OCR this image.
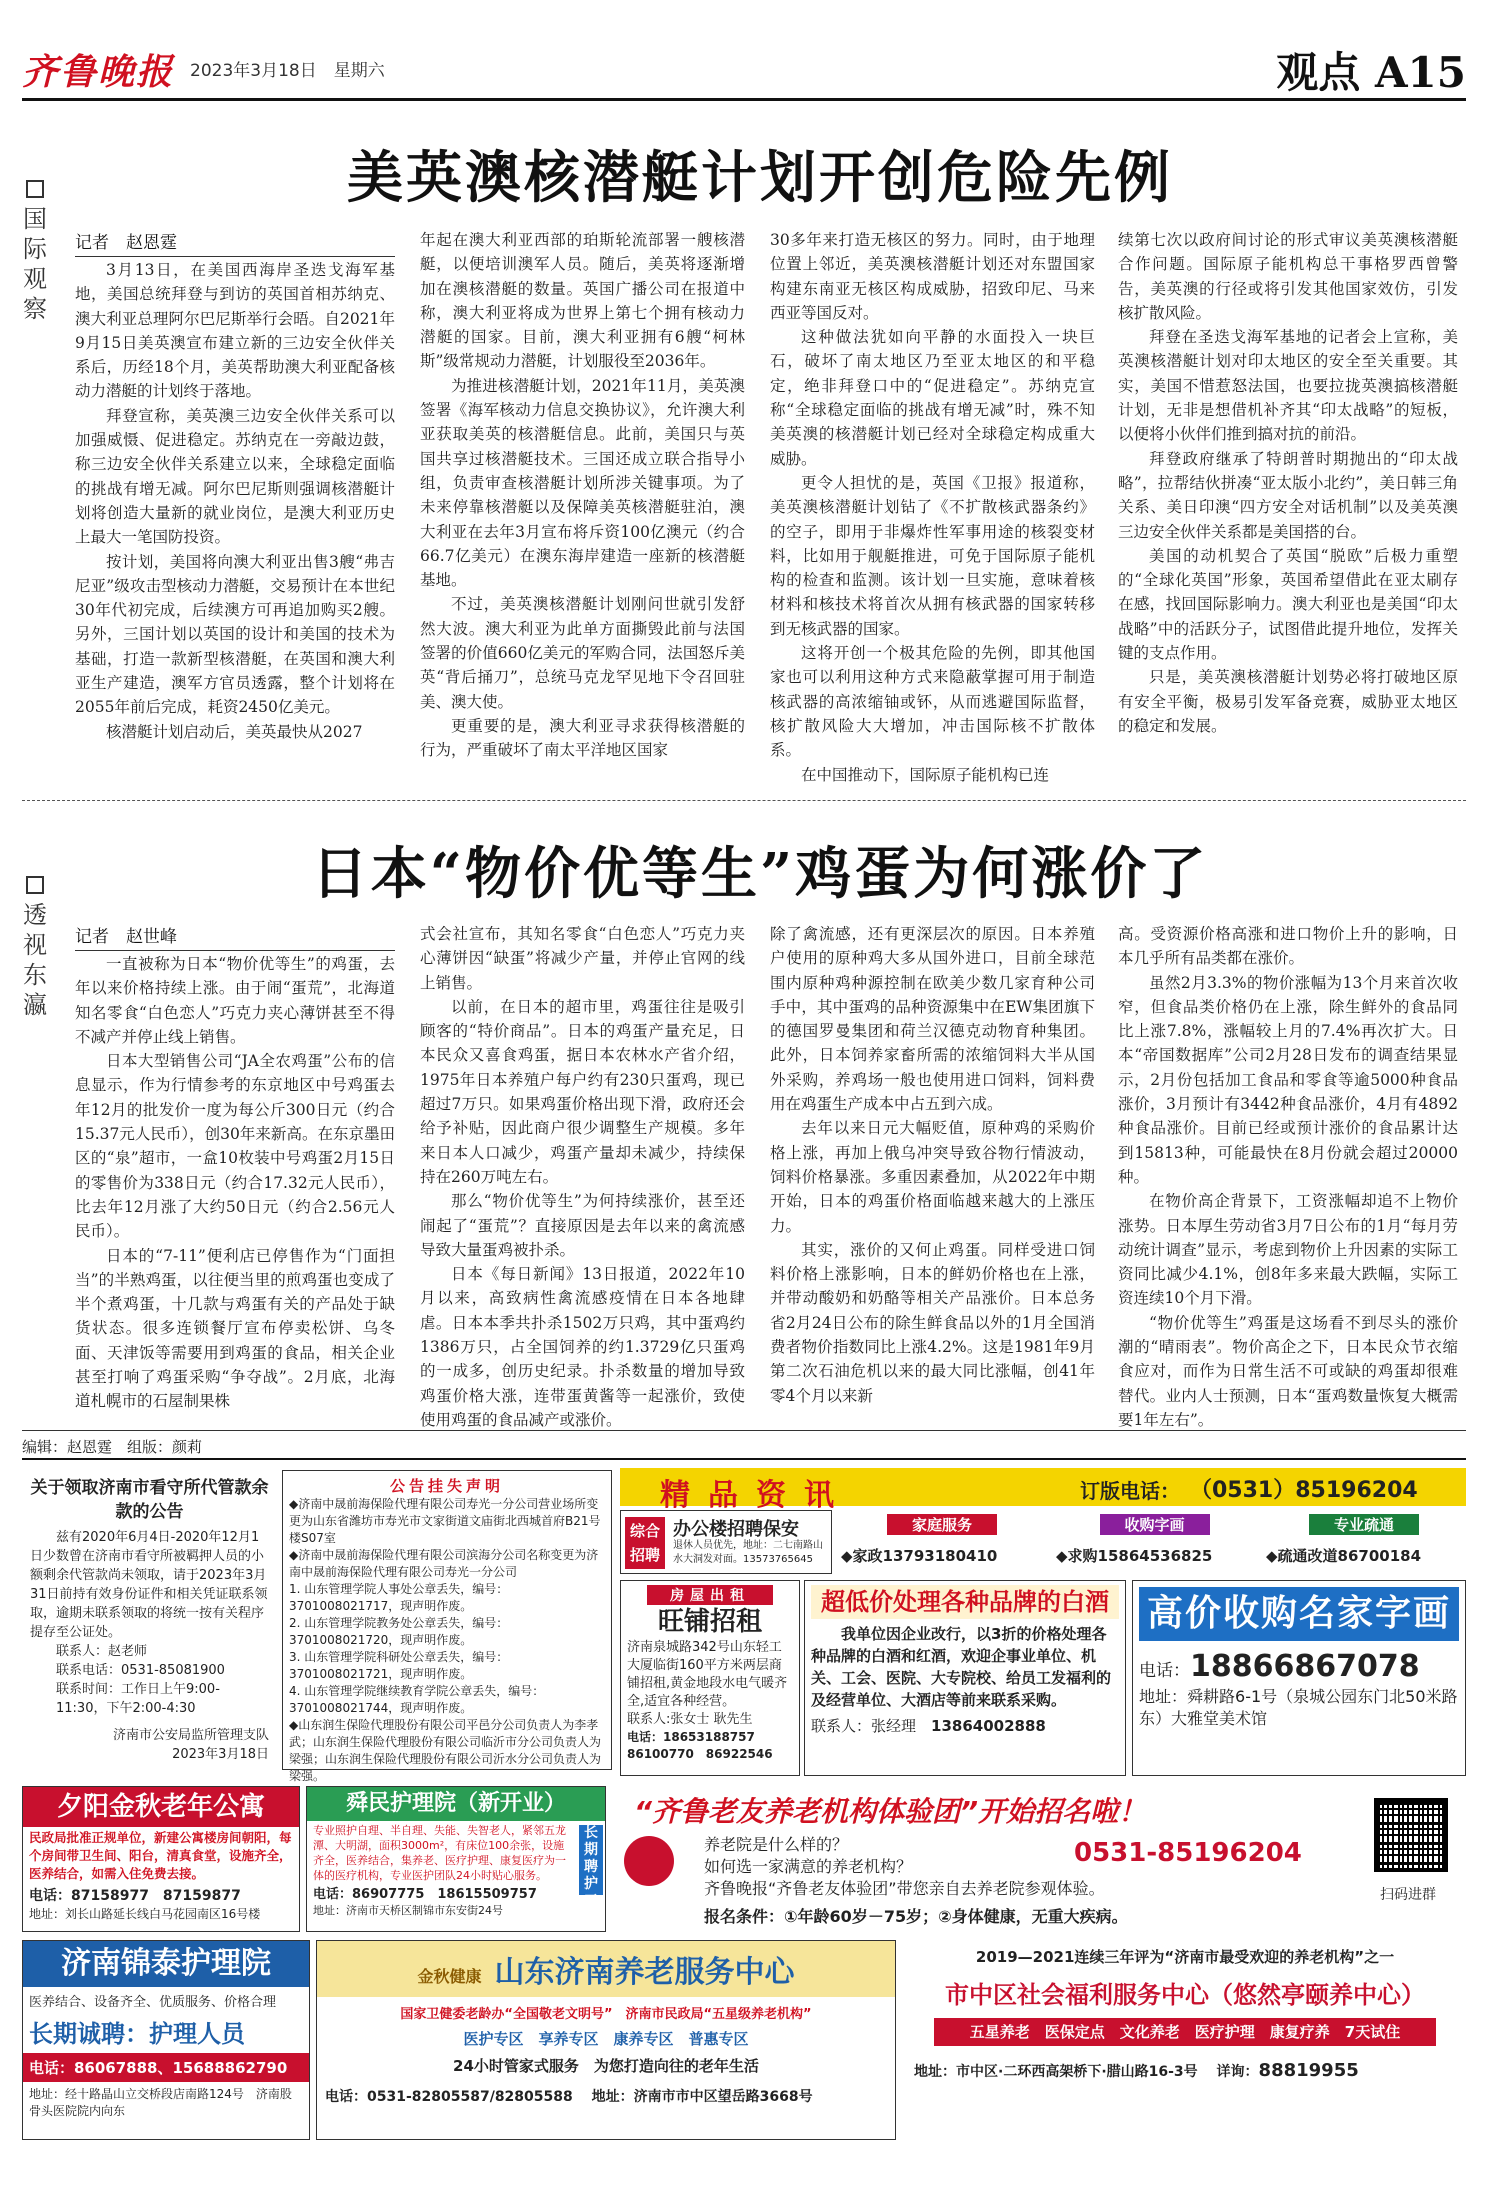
齐鲁晚报 2023年3月18日　星期六	观点 A15
国际观察
美英澳核潜艇计划开创危险先例
记者　赵恩霆

3月13日，在美国西海岸圣迭戈海军基地，美国总统拜登与到访的英国首相苏纳克、澳大利亚总理阿尔巴尼斯举行会晤。自2021年9月15日美英澳宣布建立新的三边安全伙伴关系后，历经18个月，美英帮助澳大利亚配备核动力潜艇的计划终于落地。

拜登宣称，美英澳三边安全伙伴关系可以加强威慑、促进稳定。苏纳克在一旁敲边鼓，称三边安全伙伴关系建立以来，全球稳定面临的挑战有增无减。阿尔巴尼斯则强调核潜艇计划将创造大量新的就业岗位，是澳大利亚历史上最大一笔国防投资。

按计划，美国将向澳大利亚出售3艘“弗吉尼亚”级攻击型核动力潜艇，交易预计在本世纪30年代初完成，后续澳方可再追加购买2艘。另外，三国计划以英国的设计和美国的技术为基础，打造一款新型核潜艇，在英国和澳大利亚生产建造，澳军方官员透露，整个计划将在2055年前后完成，耗资2450亿美元。

核潜艇计划启动后，美英最快从2027

年起在澳大利亚西部的珀斯轮流部署一艘核潜艇，以便培训澳军人员。随后，美英将逐渐增加在澳核潜艇的数量。英国广播公司在报道中称，澳大利亚将成为世界上第七个拥有核动力潜艇的国家。目前，澳大利亚拥有6艘“柯林斯”级常规动力潜艇，计划服役至2036年。

为推进核潜艇计划，2021年11月，美英澳签署《海军核动力信息交换协议》，允许澳大利亚获取美英的核潜艇信息。此前，美国只与英国共享过核潜艇技术。三国还成立联合指导小组，负责审查核潜艇计划所涉关键事项。为了未来停靠核潜艇以及保障美英核潜艇驻泊，澳大利亚在去年3月宣布将斥资100亿澳元（约合66.7亿美元）在澳东海岸建造一座新的核潜艇基地。

不过，美英澳核潜艇计划刚问世就引发舒然大波。澳大利亚为此单方面撕毁此前与法国签署的价值660亿美元的军购合同，法国怒斥美英“背后捅刀”，总统马克龙罕见地下令召回驻美、澳大使。

更重要的是，澳大利亚寻求获得核潜艇的行为，严重破坏了南太平洋地区国家

30多年来打造无核区的努力。同时，由于地理位置上邻近，美英澳核潜艇计划还对东盟国家构建东南亚无核区构成威胁，招致印尼、马来西亚等国反对。

这种做法犹如向平静的水面投入一块巨石，破坏了南太地区乃至亚太地区的和平稳定，绝非拜登口中的“促进稳定”。苏纳克宣称“全球稳定面临的挑战有增无减”时，殊不知美英澳的核潜艇计划已经对全球稳定构成重大威胁。

更令人担忧的是，英国《卫报》报道称，美英澳核潜艇计划钻了《不扩散核武器条约》的空子，即用于非爆炸性军事用途的核裂变材料，比如用于舰艇推进，可免于国际原子能机构的检查和监测。该计划一旦实施，意味着核材料和核技术将首次从拥有核武器的国家转移到无核武器的国家。

这将开创一个极其危险的先例，即其他国家也可以利用这种方式来隐蔽掌握可用于制造核武器的高浓缩铀或钚，从而逃避国际监督，核扩散风险大大增加，冲击国际核不扩散体系。

在中国推动下，国际原子能机构已连

续第七次以政府间讨论的形式审议美英澳核潜艇合作问题。国际原子能机构总干事格罗西曾警告，美英澳的行径或将引发其他国家效仿，引发核扩散风险。

拜登在圣迭戈海军基地的记者会上宣称，美英澳核潜艇计划对印太地区的安全至关重要。其实，美国不惜惹怒法国，也要拉拢英澳搞核潜艇计划，无非是想借机补齐其“印太战略”的短板，以便将小伙伴们推到搞对抗的前沿。

拜登政府继承了特朗普时期抛出的“印太战略”，拉帮结伙拼凑“亚太版小北约”，美日韩三角关系、美日印澳“四方安全对话机制”以及美英澳三边安全伙伴关系都是美国搭的台。

美国的动机契合了英国“脱欧”后极力重塑的“全球化英国”形象，英国希望借此在亚太刷存在感，找回国际影响力。澳大利亚也是美国“印太战略”中的活跃分子，试图借此提升地位，发挥关键的支点作用。

只是，美英澳核潜艇计划势必将打破地区原有安全平衡，极易引发军备竞赛，威胁亚太地区的稳定和发展。

透视东瀛
日本“物价优等生”鸡蛋为何涨价了
记者　赵世峰

一直被称为日本“物价优等生”的鸡蛋，去年以来价格持续上涨。由于闹“蛋荒”，北海道知名零食“白色恋人”巧克力夹心薄饼甚至不得不减产并停止线上销售。

日本大型销售公司“JA全农鸡蛋”公布的信息显示，作为行情参考的东京地区中号鸡蛋去年12月的批发价一度为每公斤300日元（约合15.37元人民币），创30年来新高。在东京墨田区的“泉”超市，一盒10枚装中号鸡蛋2月15日的零售价为338日元（约合17.32元人民币），比去年12月涨了大约50日元（约合2.56元人民币）。

日本的“7-11”便利店已停售作为“门面担当”的半熟鸡蛋，以往便当里的煎鸡蛋也变成了半个煮鸡蛋，十几款与鸡蛋有关的产品处于缺货状态。很多连锁餐厅宣布停卖松饼、乌冬面、天津饭等需要用到鸡蛋的食品，相关企业甚至打响了鸡蛋采购“争夺战”。2月底，北海道札幌市的石屋制果株

式会社宣布，其知名零食“白色恋人”巧克力夹心薄饼因“缺蛋”将减少产量，并停止官网的线上销售。

以前，在日本的超市里，鸡蛋往往是吸引顾客的“特价商品”。日本的鸡蛋产量充足，日本民众又喜食鸡蛋，据日本农林水产省介绍，1975年日本养殖户每户约有230只蛋鸡，现已超过7万只。如果鸡蛋价格出现下滑，政府还会给予补贴，因此商户很少调整生产规模。多年来日本人口减少，鸡蛋产量却未减少，持续保持在260万吨左右。

那么“物价优等生”为何持续涨价，甚至还闹起了“蛋荒”？直接原因是去年以来的禽流感导致大量蛋鸡被扑杀。

日本《每日新闻》13日报道，2022年10月以来，高致病性禽流感疫情在日本各地肆虐。日本本季共扑杀1502万只鸡，其中蛋鸡约1386万只，占全国饲养的约1.3729亿只蛋鸡的一成多，创历史纪录。扑杀数量的增加导致鸡蛋价格大涨，连带蛋黄酱等一起涨价，致使使用鸡蛋的食品减产或涨价。

除了禽流感，还有更深层次的原因。日本养殖户使用的原种鸡大多从国外进口，目前全球范围内原种鸡种源控制在欧美少数几家育种公司手中，其中蛋鸡的品种资源集中在EW集团旗下的德国罗曼集团和荷兰汉德克动物育种集团。此外，日本饲养家畜所需的浓缩饲料大半从国外采购，养鸡场一般也使用进口饲料，饲料费用在鸡蛋生产成本中占五到六成。

去年以来日元大幅贬值，原种鸡的采购价格上涨，再加上俄乌冲突导致谷物行情波动，饲料价格暴涨。多重因素叠加，从2022年中期开始，日本的鸡蛋价格面临越来越大的上涨压力。

其实，涨价的又何止鸡蛋。同样受进口饲料价格上涨影响，日本的鲜奶价格也在上涨，并带动酸奶和奶酪等相关产品涨价。日本总务省2月24日公布的除生鲜食品以外的1月全国消费者物价指数同比上涨4.2%。这是1981年9月第二次石油危机以来的最大同比涨幅，创41年零4个月以来新

高。受资源价格高涨和进口物价上升的影响，日本几乎所有品类都在涨价。

虽然2月3.3%的物价涨幅为13个月来首次收窄，但食品类价格仍在上涨，除生鲜外的食品同比上涨7.8%，涨幅较上月的7.4%再次扩大。日本“帝国数据库”公司2月28日发布的调查结果显示，2月份包括加工食品和零食等逾5000种食品涨价，3月预计有3442种食品涨价，4月有4892种食品涨价。目前已经或预计涨价的食品累计达到15813种，可能最快在8月份就会超过20000种。

在物价高企背景下，工资涨幅却追不上物价涨势。日本厚生劳动省3月7日公布的1月“每月劳动统计调查”显示，考虑到物价上升因素的实际工资同比减少4.1%，创8年多来最大跌幅，实际工资连续10个月下滑。

“物价优等生”鸡蛋是这场看不到尽头的涨价潮的“晴雨表”。物价高企之下，日本民众节衣缩食应对，而作为日常生活不可或缺的鸡蛋却很难替代。业内人士预测，日本“蛋鸡数量恢复大概需要1年左右”。

编辑：赵恩霆　组版：颜莉
关于领取济南市看守所代管款余款的公告
兹有2020年6月4日-2020年12月1日少数曾在济南市看守所被羁押人员的小额剩余代管款尚未领取，请于2023年3月31日前持有效身份证件和相关凭证联系领取，逾期未联系领取的将统一按有关程序提存至公证处。
联系人：赵老师
联系电话：0531-85081900
联系时间：工作日上午9:00-11:30，下午2:00-4:30
济南市公安局监所管理支队
2023年3月18日
公告挂失声明
◆济南中晟前海保险代理有限公司寿光一分公司营业场所变更为山东省潍坊市寿光市文家街道文庙街北西城首府B21号楼S07室
◆济南中晟前海保险代理有限公司滨海分公司名称变更为济南中晟前海保险代理有限公司寿光一分公司
1. 山东管理学院人事处公章丢失，编号：3701008021717，现声明作废。
2. 山东管理学院教务处公章丢失，编号：3701008021720，现声明作废。
3. 山东管理学院科研处公章丢失，编号：3701008021721，现声明作废。
4. 山东管理学院继续教育学院公章丢失，编号：3701008021744，现声明作废。
◆山东润生保险代理股份有限公司平邑分公司负责人为李孝武；山东润生保险代理股份有限公司临沂市分公司负责人为梁强；山东润生保险代理股份有限公司沂水分公司负责人为梁强。
精品资讯	订版电话： （0531）85196204
综合招聘
办公楼招聘保安
退休人员优先，地址：二七南路山水大洞发对面。13573765645
家庭服务
◆家政13793180410
收购字画
◆求购15864536825
专业疏通
◆疏通改道86700184
房屋出租
旺铺招租
济南泉城路342号山东轻工大厦临街160平方米两层商铺招租,黄金地段水电气暖齐全,适宜各种经营。
联系人:张女士 耿先生
电话：18653188757　86100770　86922546
超低价处理各种品牌的白酒
我单位因企业改行，以3折的价格处理各种品牌的白酒和红酒，欢迎企事业单位、机关、工会、医院、大专院校、给员工发福利的及经营单位、大酒店等前来联系采购。
联系人：张经理　 13864002888
高价收购名家字画
电话：18866867078
地址：舜耕路6-1号（泉城公园东门北50米路东）大雅堂美术馆
夕阳金秋老年公寓
民政局批准正规单位，新建公寓楼房间朝阳，每个房间带卫生间、阳台，清真食堂，设施齐全，医养结合，如需入住免费去接。
电话：87158977　87159877
地址：刘长山路延长线白马花园南区16号楼
舜民护理院（新开业）
长期聘护工
专业照护自理、半自理、失能、失智老人，紧邻五龙潭、大明湖，面积3000m²，有床位100余张，设施齐全，医养结合，集养老、医疗护理、康复医疗为一体的医疗机构，专业医护团队24小时贴心服务。
电话：86907775　18615509757
地址：济南市天桥区制锦市东安街24号
“齐鲁老友养老机构体验团”开始招名啦！
养老院是什么样的？
如何选一家满意的养老机构？
齐鲁晚报“齐鲁老友体验团”带您亲自去养老院参观体验。
0531-85196204
报名条件：①年龄60岁－75岁；②身体健康，无重大疾病。
扫码进群
济南锦泰护理院
医养结合、设备齐全、优质服务、价格合理
长期诚聘：护理人员
电话：86067888、15688862790
地址：经十路晶山立交桥段店南路124号　济南股骨头医院院内向东
金秋健康 山东济南养老服务中心
国家卫健委老龄办“全国敬老文明号”　济南市民政局“五星级养老机构”
医护专区　享养专区　康养专区　普惠专区
24小时管家式服务　为您打造向往的老年生活
电话：0531-82805587/82805588　 地址：济南市市中区望岳路3668号
2019—2021连续三年评为“济南市最受欢迎的养老机构”之一
市中区社会福利服务中心（悠然亭颐养中心）
五星养老　医保定点　文化养老　医疗护理　康复疗养　7天试住
地址：市中区·二环西高架桥下·腊山路16-3号　 详询：88819955
